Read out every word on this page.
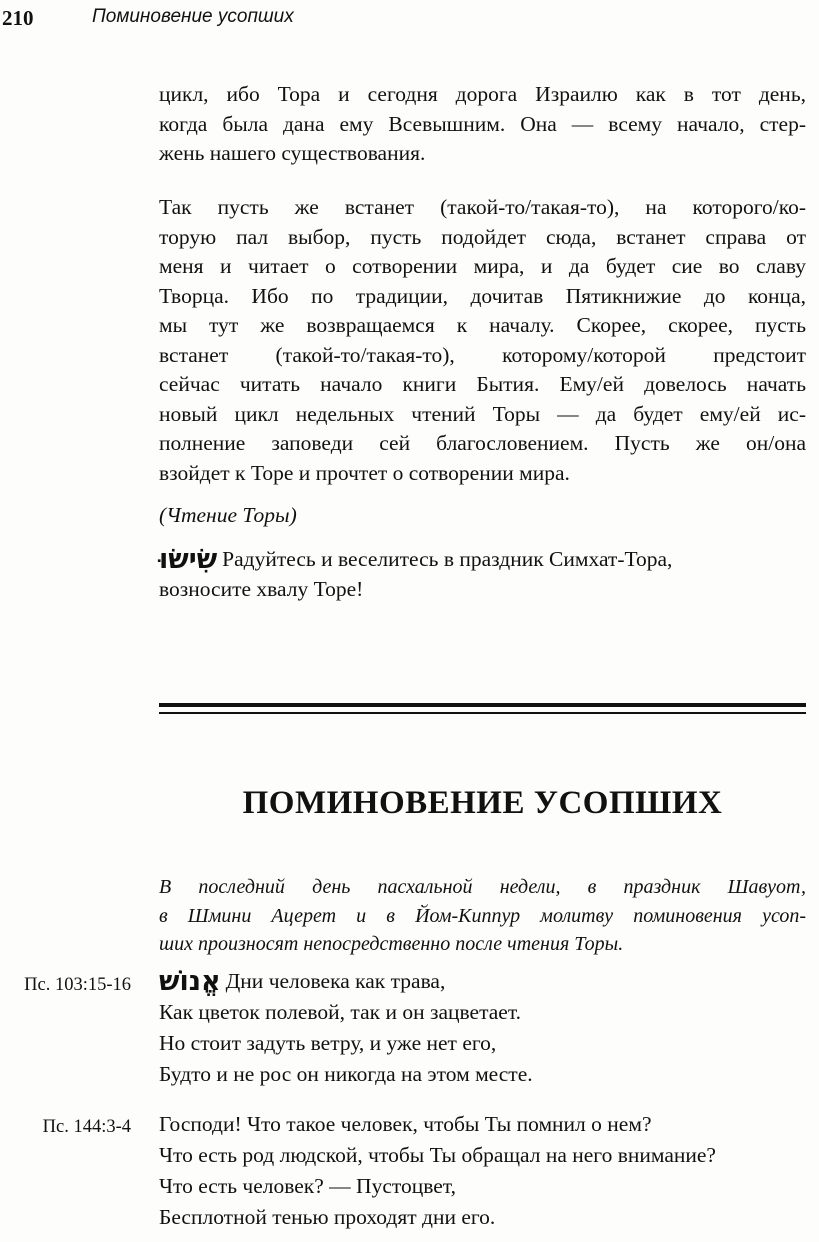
210	Поминовение усопших
цикл, ибо Тора и сегодня дорога Израилю как в тот день,
когда была дана ему Всевышним. Она — всему начало, стер-
жень нашего существования.
Так пусть же встанет (такой-то/такая-то), на которого/ко-
торую пал выбор, пусть подойдет сюда, встанет справа от
меня и читает о сотворении мира, и да будет сие во славу
Творца. Ибо по традиции, дочитав Пятикнижие до конца,
мы тут же возвращаемся к началу. Скорее, скорее, пусть
встанет (такой-то/такая-то), которому/которой предстоит
сейчас читать начало книги Бытия. Ему/ей довелось начать
новый цикл недельных чтений Торы — да будет ему/ей ис-
полнение заповеди сей благословением. Пусть же он/она
взойдет к Торе и прочтет о сотворении мира.
(Чтение Торы)
שִׂישׂוּ Радуйтесь и веселитесь в праздник Симхат-Тора,
возносите хвалу Торе!
ПОМИНОВЕНИЕ УСОПШИХ
В последний день пасхальной недели, в праздник Шавуот,
в Шмини Ацерет и в Йом-Киппур молитву поминовения усоп-
ших произносят непосредственно после чтения Торы.
Пс. 103:15-16 אֱנוֹשׁ Дни человека как трава,
Как цветок полевой, так и он зацветает.
Но стоит задуть ветру, и уже нет его,
Будто и не рос он никогда на этом месте.
Пс. 144:3-4 Господи! Что такое человек, чтобы Ты помнил о нем?
Что есть род людской, чтобы Ты обращал на него внимание?
Что есть человек? — Пустоцвет,
Бесплотной тенью проходят дни его.
